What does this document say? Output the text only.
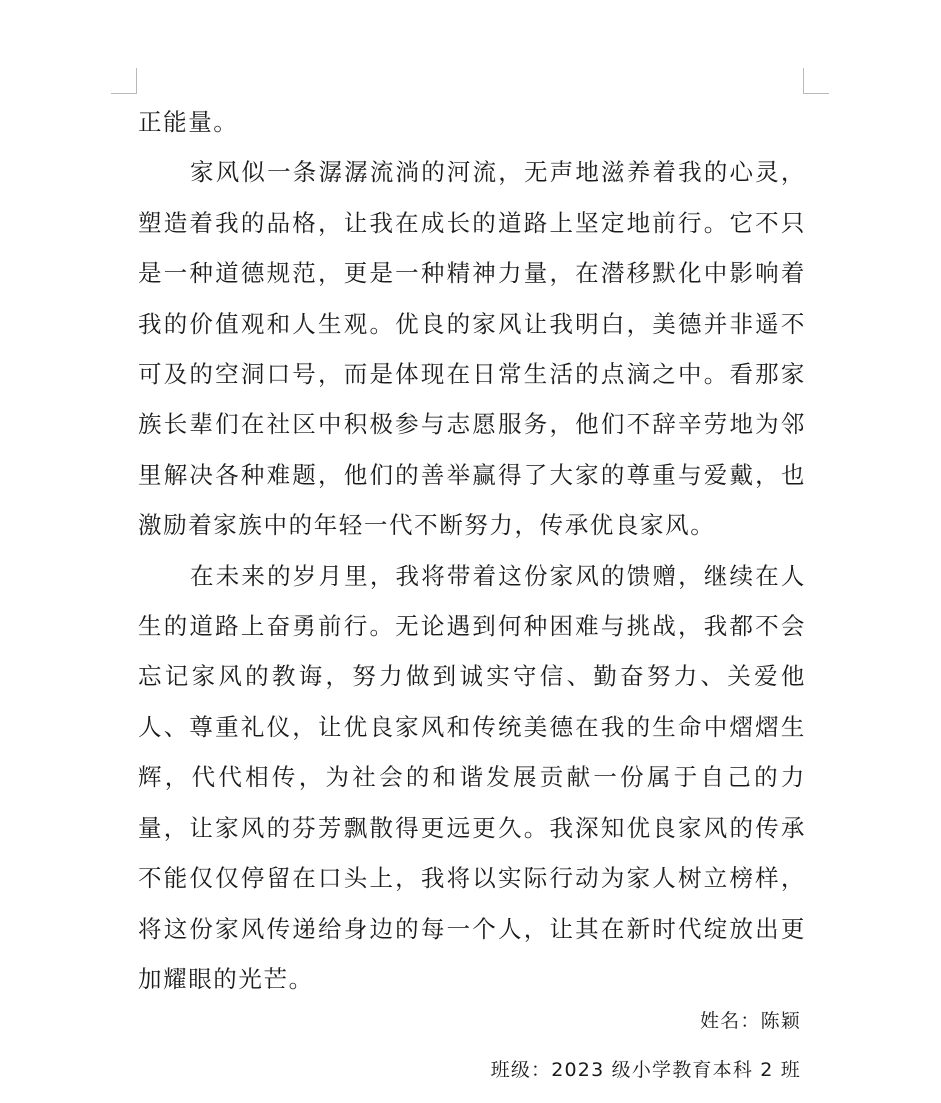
正能量。

家风似一条潺潺流淌的河流，无声地滋养着我的心灵，塑造着我的品格，让我在成长的道路上坚定地前行。它不只是一种道德规范，更是一种精神力量，在潜移默化中影响着我的价值观和人生观。优良的家风让我明白，美德并非遥不可及的空洞口号，而是体现在日常生活的点滴之中。看那家族长辈们在社区中积极参与志愿服务，他们不辞辛劳地为邻里解决各种难题，他们的善举赢得了大家的尊重与爱戴，也激励着家族中的年轻一代不断努力，传承优良家风。

在未来的岁月里，我将带着这份家风的馈赠，继续在人生的道路上奋勇前行。无论遇到何种困难与挑战，我都不会忘记家风的教诲，努力做到诚实守信、勤奋努力、关爱他人、尊重礼仪，让优良家风和传统美德在我的生命中熠熠生辉，代代相传，为社会的和谐发展贡献一份属于自己的力量，让家风的芬芳飘散得更远更久。我深知优良家风的传承不能仅仅停留在口头上，我将以实际行动为家人树立榜样，将这份家风传递给身边的每一个人，让其在新时代绽放出更加耀眼的光芒。

姓名：陈颖
班级：2023 级小学教育本科 2 班
